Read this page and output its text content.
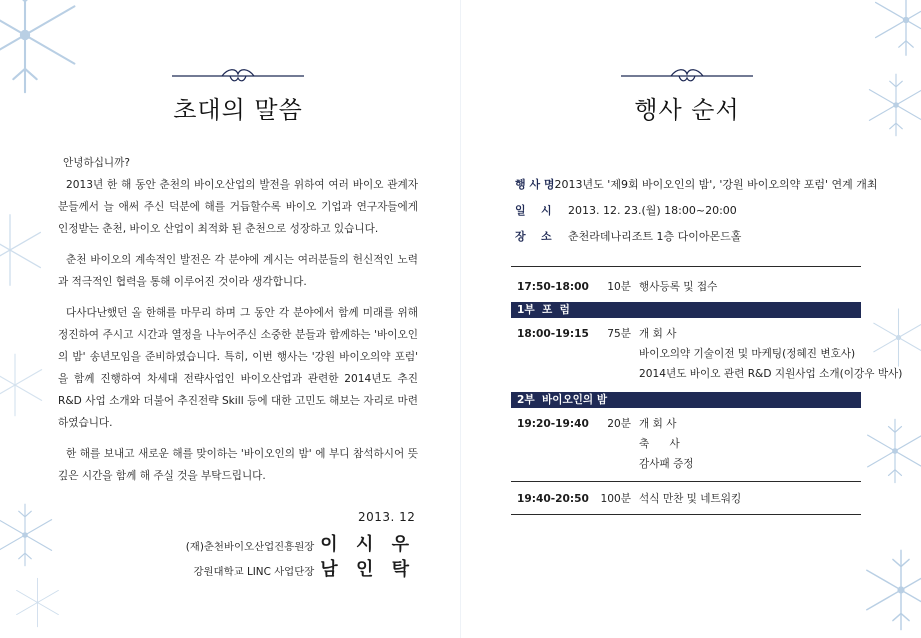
초대의 말씀

안녕하십니까?

2013년 한 해 동안 춘천의 바이오산업의 발전을 위하여 여러 바이오 관계자 분들께서 늘 애써 주신 덕분에 해를 거듭할수록 바이오 기업과 연구자들에게 인정받는 춘천, 바이오 산업이 최적화 된 춘천으로 성장하고 있습니다.

춘천 바이오의 계속적인 발전은 각 분야에 계시는 여러분들의 헌신적인 노력과 적극적인 협력을 통해 이루어진 것이라 생각합니다.

다사다난했던 올 한해를 마무리 하며 그 동안 각 분야에서 함께 미래를 위해 정진하여 주시고 시간과 열정을 나누어주신 소중한 분들과 함께하는 '바이오인의 밤' 송년모임을 준비하였습니다. 특히, 이번 행사는 '강원 바이오의약 포럼' 을 함께 진행하여 차세대 전략사업인 바이오산업과 관련한 2014년도 추진 R&D 사업 소개와 더불어 추진전략 Skill 등에 대한 고민도 해보는 자리로 마련하였습니다.

한 해를 보내고 새로운 해를 맞이하는 '바이오인의 밤' 에 부디 참석하시어 뜻 깊은 시간을 함께 해 주실 것을 부탁드립니다.

2013. 12
(재)춘천바이오산업진흥원장 이 시 우
강원대학교 LINC 사업단장 남 인 탁
행사 순서
행 사 명 2013년도 '제9회 바이오인의 밤', '강원 바이오의약 포럼' 연계 개최
일    시	2013. 12. 23.(월) 18:00~20:00
장    소	춘천라데나리조트 1층 다이아몬드홀
17:50-18:00	10분 행사등록 및 접수
1부  포  럼
18:00-19:15	75분 개 회 사
바이오의약 기술이전 및 마케팅(정혜진 변호사)
2014년도 바이오 관련 R&D 지원사업 소개(이강우 박사)
2부  바이오인의 밤
19:20-19:40	20분 개 회 사
축      사
감사패 증정
19:40-20:50	100분 석식 만찬 및 네트워킹
